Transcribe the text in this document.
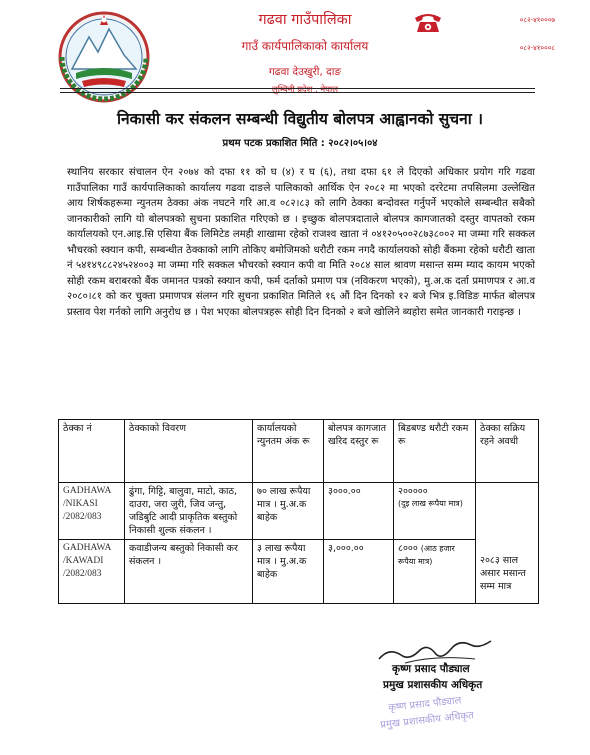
गढवा गाउँपालिका
गाउँ कार्यपालिकाको कार्यालय
गढवा देउखुरी, दाङ
लुम्बिनी प्रदेश , नेपाल
०८२-४१०००७
०८२-४१०००८
निकासी कर संकलन सम्बन्धी विद्युतीय बोलपत्र आह्वानको सुचना ।
प्रथम पटक प्रकाशित मिति : २०८२।०५।०४
स्थानिय सरकार संचालन ऐन २०७४ को दफा ११ को घ (४) र घ (६), तथा दफा ६१ ले दिएको अधिकार प्रयोग गरि गढवा गाउँपालिका गाउँ कार्यपालिकाको कार्यालय गढवा दाङले पालिकाको आर्थिक ऐन २०८२ मा भएको दररेटमा तपसिलमा उल्लेखित आय शिर्षकहरूमा न्युनतम ठेक्का अंक नघटने गरि आ.व ०८२।८३ को लागि ठेक्का बन्दोवस्त गर्नुपर्ने भएकोले सम्बन्धीत सबैको जानकारीको लागि यो बोलपत्रको सुचना प्रकाशित गरिएको छ । इच्छुक बोलपत्रदाताले बोलपत्र कागजातको दस्तुर वापतको रकम कार्यालयको एन.आइ.सि एसिया बैंक लिमिटेड लमही शाखामा रहेको राजश्व खाता नं ०४१२०५००२८७३८००२ मा जम्मा गरि सक्कल भौचरको स्क्यान कपी, सम्बन्धीत ठेक्काको लागि तोकिए बमोजिमको धरौटी रकम नगदै कार्यालयको सोही बैंकमा रहेको धरौटी खाता नं ५४१४९८८२४५२४००३ मा जम्मा गरि सक्कल भौचरको स्क्यान कपी वा मिति २०८४ साल श्रावण मसान्त सम्म म्याद कायम भएको सोही रकम बराबरको बैंक जमानत पत्रको स्क्यान कपी, फर्म दर्ताको प्रमाण पत्र (नविकरण भएको), मु.अ.क दर्ता प्रमाणपत्र र आ.व २०८०।८१ को कर चुक्ता प्रमाणपत्र संलग्न गरि सुचना प्रकाशित मितिले १६ औं दिन दिनको १२ बजे भित्र इ.विडिङ मार्फत बोलपत्र प्रस्ताव पेश गर्नको लागि अनुरोध छ । पेश भएका बोलपत्रहरू सोही दिन दिनको २ बजे खोलिने ब्यहोरा समेत जानकारी गराइन्छ ।
ठेक्का नं	ठेक्काको विवरण	कार्यालयको न्युनतम अंक रू	बोलपत्र कागजात खरिद दस्तुर रू	बिडबण्ड धरौटी रकम रू	ठेक्का सक्रिय रहने अवधी
GADHAWA /NIKASI /2082/083	ढुंगा, गिट्टि, बालुवा, माटो, काठ, दाउरा, जरा जुरी, जिव जन्तु, जडिबुटि आदी प्राकृतिक बस्तुको निकासी शुल्क संकलन ।	७० लाख रूपैया मात्र । मु.अ.क बाहेक	३०००.००	२०००००
(दुइ लाख रूपैया मात्र)	२०८३ साल असार मसान्त सम्म मात्र
GADHAWA /KAWADI /2082/083	कवाडीजन्य बस्तुको निकासी कर संकलन ।	३ लाख रूपैया मात्र । मु.अ.क बाहेक	३,०००.००	८००० (आठ हजार रूपैया मात्र)	
कृष्ण प्रसाद पौड्याल
प्रमुख प्रशासकीय अधिकृत
कृष्ण प्रसाद पौड्याल
प्रमुख प्रशासकीय अधिकृत
